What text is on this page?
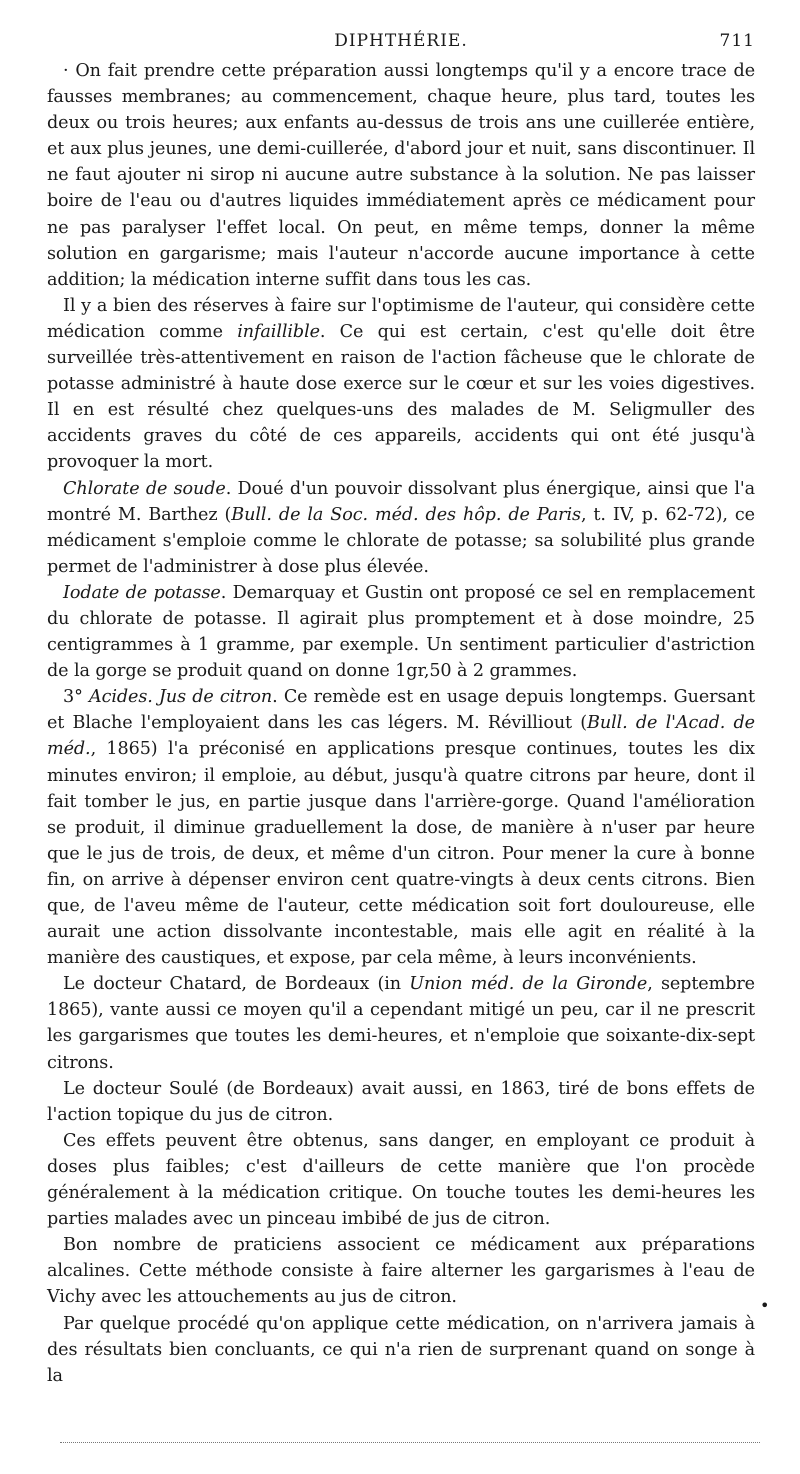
DIPHTHÉRIE.	711

· On fait prendre cette préparation aussi longtemps qu'il y a encore trace de fausses membranes; au commencement, chaque heure, plus tard, toutes les deux ou trois heures; aux enfants au-dessus de trois ans une cuillerée entière, et aux plus jeunes, une demi-cuillerée, d'abord jour et nuit, sans discontinuer. Il ne faut ajouter ni sirop ni aucune autre substance à la solution. Ne pas laisser boire de l'eau ou d'autres liquides immédiatement après ce médicament pour ne pas paralyser l'effet local. On peut, en même temps, donner la même solution en gargarisme; mais l'auteur n'accorde aucune importance à cette addition; la médication interne suffit dans tous les cas.

Il y a bien des réserves à faire sur l'optimisme de l'auteur, qui considère cette médication comme infaillible. Ce qui est certain, c'est qu'elle doit être surveillée très-attentivement en raison de l'action fâcheuse que le chlorate de potasse administré à haute dose exerce sur le cœur et sur les voies digestives. Il en est résulté chez quelques-uns des malades de M. Seligmuller des accidents graves du côté de ces appareils, accidents qui ont été jusqu'à provoquer la mort.

Chlorate de soude. Doué d'un pouvoir dissolvant plus énergique, ainsi que l'a montré M. Barthez (Bull. de la Soc. méd. des hôp. de Paris, t. IV, p. 62-72), ce médicament s'emploie comme le chlorate de potasse; sa solubilité plus grande permet de l'administrer à dose plus élevée.

Iodate de potasse. Demarquay et Gustin ont proposé ce sel en remplacement du chlorate de potasse. Il agirait plus promptement et à dose moindre, 25 centigrammes à 1 gramme, par exemple. Un sentiment particulier d'astriction de la gorge se produit quand on donne 1gr,50 à 2 grammes.

3° Acides. Jus de citron. Ce remède est en usage depuis longtemps. Guersant et Blache l'employaient dans les cas légers. M. Révilliout (Bull. de l'Acad. de méd., 1865) l'a préconisé en applications presque continues, toutes les dix minutes environ; il emploie, au début, jusqu'à quatre citrons par heure, dont il fait tomber le jus, en partie jusque dans l'arrière-gorge. Quand l'amélioration se produit, il diminue graduellement la dose, de manière à n'user par heure que le jus de trois, de deux, et même d'un citron. Pour mener la cure à bonne fin, on arrive à dépenser environ cent quatre-vingts à deux cents citrons. Bien que, de l'aveu même de l'auteur, cette médication soit fort douloureuse, elle aurait une action dissolvante incontestable, mais elle agit en réalité à la manière des caustiques, et expose, par cela même, à leurs inconvénients.

Le docteur Chatard, de Bordeaux (in Union méd. de la Gironde, septembre 1865), vante aussi ce moyen qu'il a cependant mitigé un peu, car il ne prescrit les gargarismes que toutes les demi-heures, et n'emploie que soixante-dix-sept citrons.

Le docteur Soulé (de Bordeaux) avait aussi, en 1863, tiré de bons effets de l'action topique du jus de citron.

Ces effets peuvent être obtenus, sans danger, en employant ce produit à doses plus faibles; c'est d'ailleurs de cette manière que l'on procède généralement à la médication critique. On touche toutes les demi-heures les parties malades avec un pinceau imbibé de jus de citron.

Bon nombre de praticiens associent ce médicament aux préparations alcalines. Cette méthode consiste à faire alterner les gargarismes à l'eau de Vichy avec les attouchements au jus de citron.

Par quelque procédé qu'on applique cette médication, on n'arrivera jamais à des résultats bien concluants, ce qui n'a rien de surprenant quand on songe à la

•
